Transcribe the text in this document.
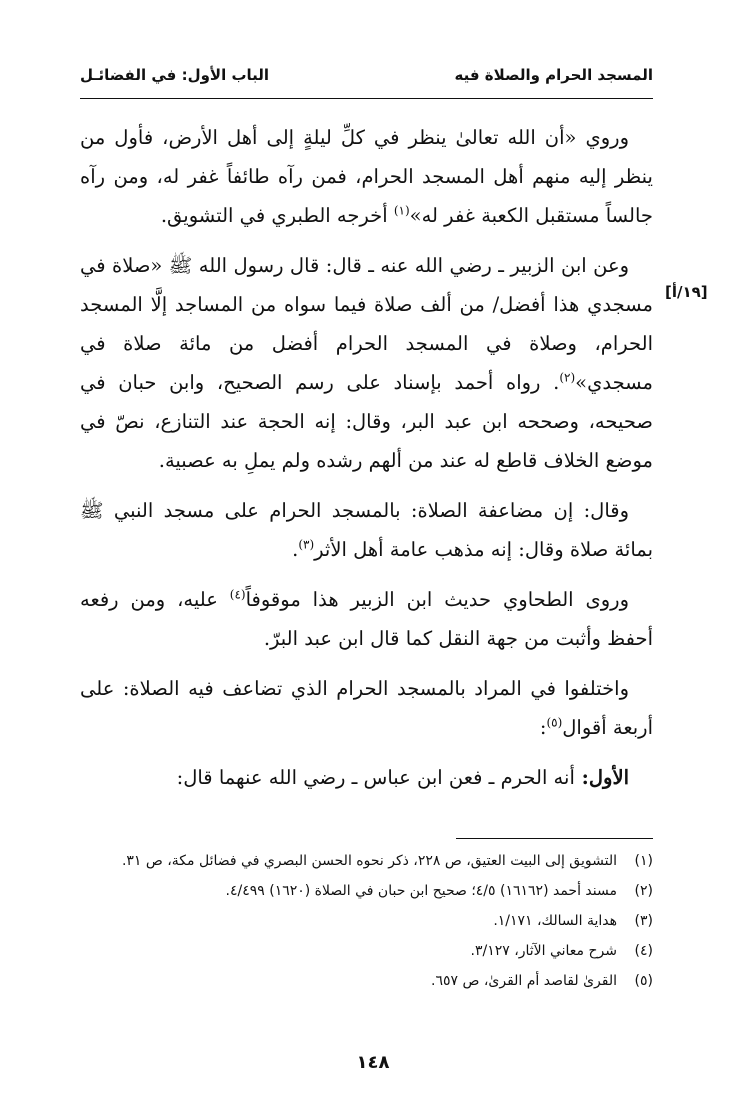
المسجد الحرام والصلاة فيه
الباب الأول: في الفضائـل
[١٩/أ]

وروي «أن الله تعالىٰ ينظر في كلِّ ليلةٍ إلى أهل الأرض، فأول من ينظر إليه منهم أهل المسجد الحرام، فمن رآه طائفاً غفر له، ومن رآه جالساً مستقبل الكعبة غفر له»$^{(١)}$ أخرجه الطبري في التشويق.

وعن ابن الزبير ـ رضي الله عنه ـ قال: قال رسول الله ﷺ «صلاة في مسجدي هذا أفضل/ من ألف صلاة فيما سواه من المساجد إلَّا المسجد الحرام، وصلاة في المسجد الحرام أفضل من مائة صلاة في مسجدي»$^{(٢)}$. رواه أحمد بإسناد على رسم الصحيح، وابن حبان في صحيحه، وصححه ابن عبد البر، وقال: إنه الحجة عند التنازع، نصّ في موضع الخلاف قاطع له عند من ألهم رشده ولم يملِ به عصبية.

وقال: إن مضاعفة الصلاة: بالمسجد الحرام على مسجد النبي ﷺ بمائة صلاة وقال: إنه مذهب عامة أهل الأثر$^{(٣)}$.

وروى الطحاوي حديث ابن الزبير هذا موقوفاً$^{(٤)}$ عليه، ومن رفعه أحفظ وأثبت من جهة النقل كما قال ابن عبد البرّ.

واختلفوا في المراد بالمسجد الحرام الذي تضاعف فيه الصلاة: على أربعة أقوال$^{(٥)}$:

الأول: أنه الحرم ـ فعن ابن عباس ـ رضي الله عنهما قال:

(١)
التشويق إلى البيت العتيق، ص ٢٢٨، ذكر نحوه الحسن البصري في فضائل مكة، ص ٣١.
(٢)
مسند أحمد (١٦١٦٢) ٤/٥؛ صحيح ابن حبان في الصلاة (١٦٢٠) ٤/٤٩٩.
(٣)
هداية السالك، ١/١٧١.
(٤)
شرح معاني الآثار، ٣/١٢٧.
(٥)
القرىٰ لقاصد أم القرىٰ، ص ٦٥٧.
١٤٨
